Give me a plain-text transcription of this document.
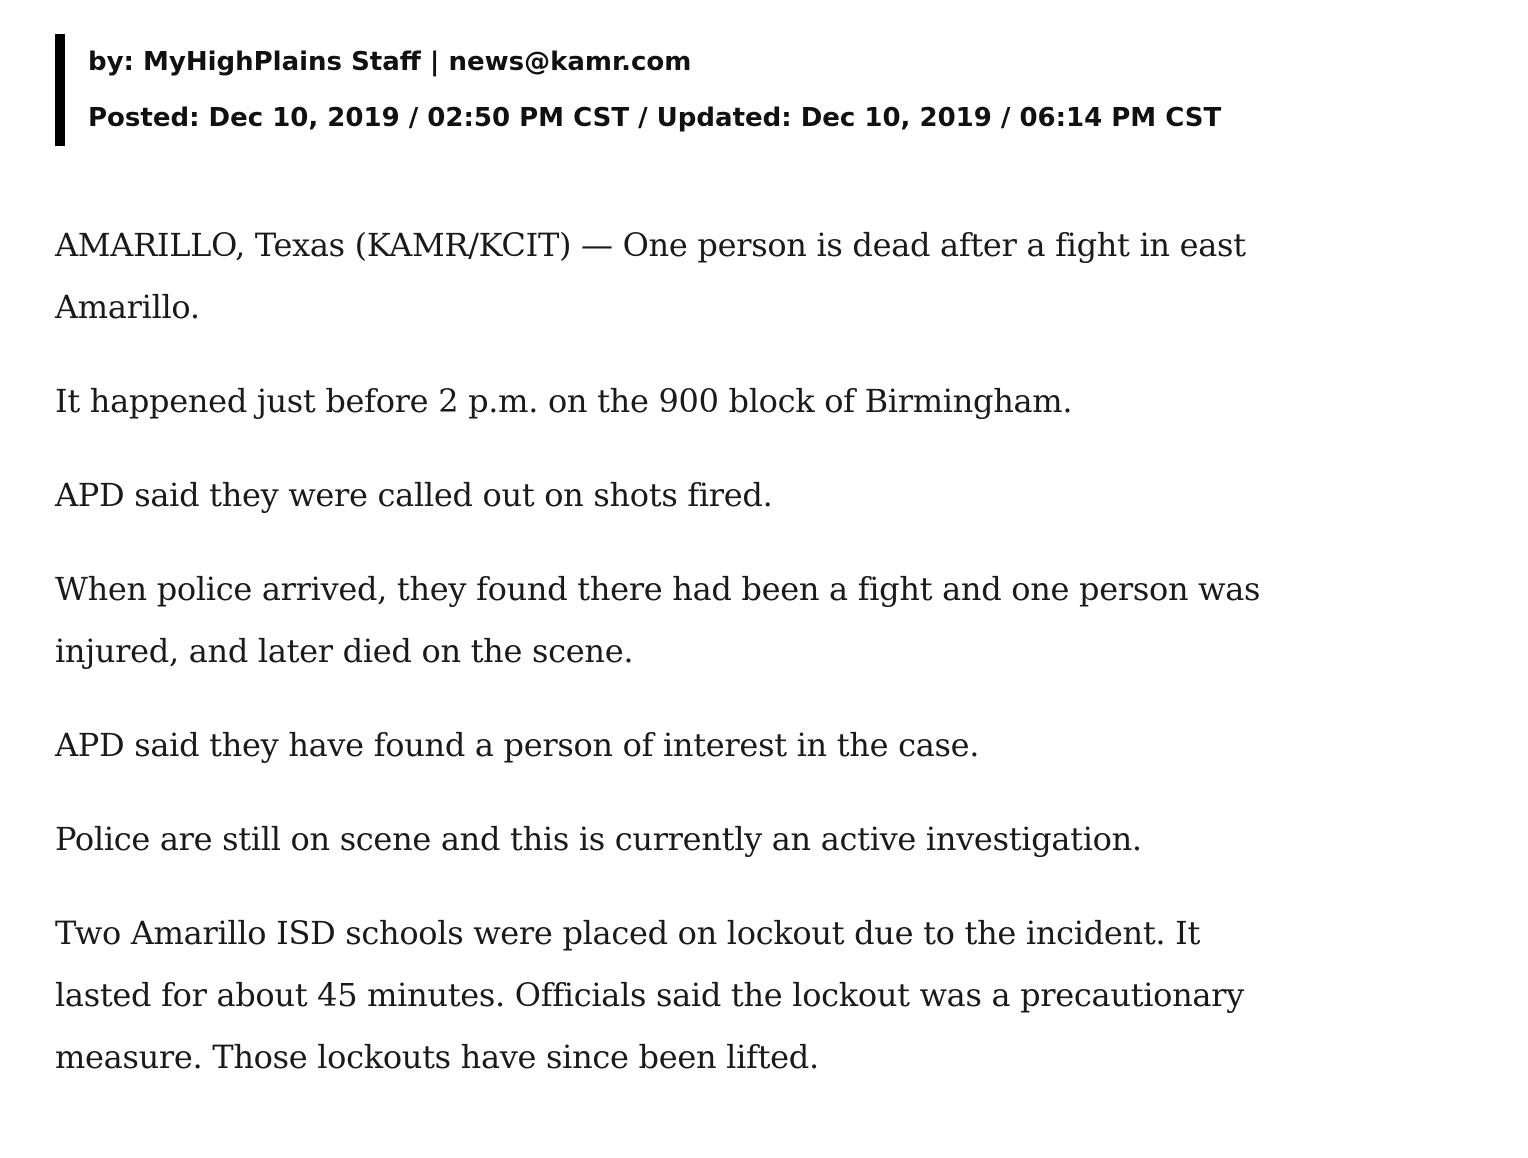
by: MyHighPlains Staff | news@kamr.com
Posted: Dec 10, 2019 / 02:50 PM CST / Updated: Dec 10, 2019 / 06:14 PM CST

AMARILLO, Texas (KAMR/KCIT) — One person is dead after a fight in east Amarillo.

It happened just before 2 p.m. on the 900 block of Birmingham.

APD said they were called out on shots fired.

When police arrived, they found there had been a fight and one person was injured, and later died on the scene.

APD said they have found a person of interest in the case.

Police are still on scene and this is currently an active investigation.

Two Amarillo ISD schools were placed on lockout due to the incident. It lasted for about 45 minutes. Officials said the lockout was a precautionary measure. Those lockouts have since been lifted.
